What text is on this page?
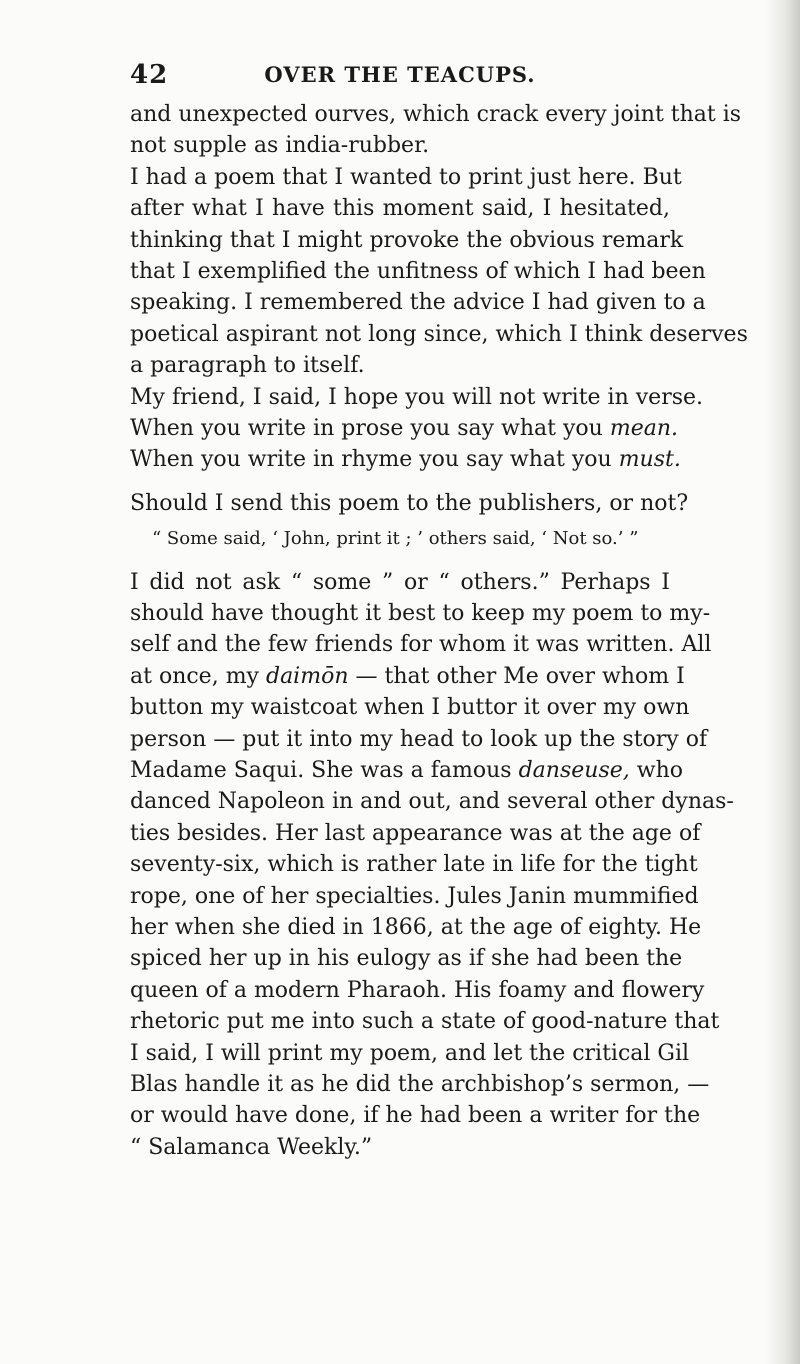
42	OVER THE TEACUPS.
and unexpected ourves, which crack every joint that is
not supple as india-rubber.
I had a poem that I wanted to print just here. But
after what I have this moment said, I hesitated,
thinking that I might provoke the obvious remark
that I exemplified the unfitness of which I had been
speaking. I remembered the advice I had given to a
poetical aspirant not long since, which I think deserves
a paragraph to itself.
My friend, I said, I hope you will not write in verse.
When you write in prose you say what you mean.
When you write in rhyme you say what you must.
Should I send this poem to the publishers, or not?
“ Some said, ‘ John, print it ; ’ others said, ‘ Not so.’ ”
I did not ask “ some ” or “ others.” Perhaps I
should have thought it best to keep my poem to my-
self and the few friends for whom it was written. All
at once, my daimōn — that other Me over whom I
button my waistcoat when I buttor it over my own
person — put it into my head to look up the story of
Madame Saqui. She was a famous danseuse, who
danced Napoleon in and out, and several other dynas-
ties besides. Her last appearance was at the age of
seventy-six, which is rather late in life for the tight
rope, one of her specialties. Jules Janin mummified
her when she died in 1866, at the age of eighty. He
spiced her up in his eulogy as if she had been the
queen of a modern Pharaoh. His foamy and flowery
rhetoric put me into such a state of good-nature that
I said, I will print my poem, and let the critical Gil
Blas handle it as he did the archbishop’s sermon, —
or would have done, if he had been a writer for the
“ Salamanca Weekly.”
